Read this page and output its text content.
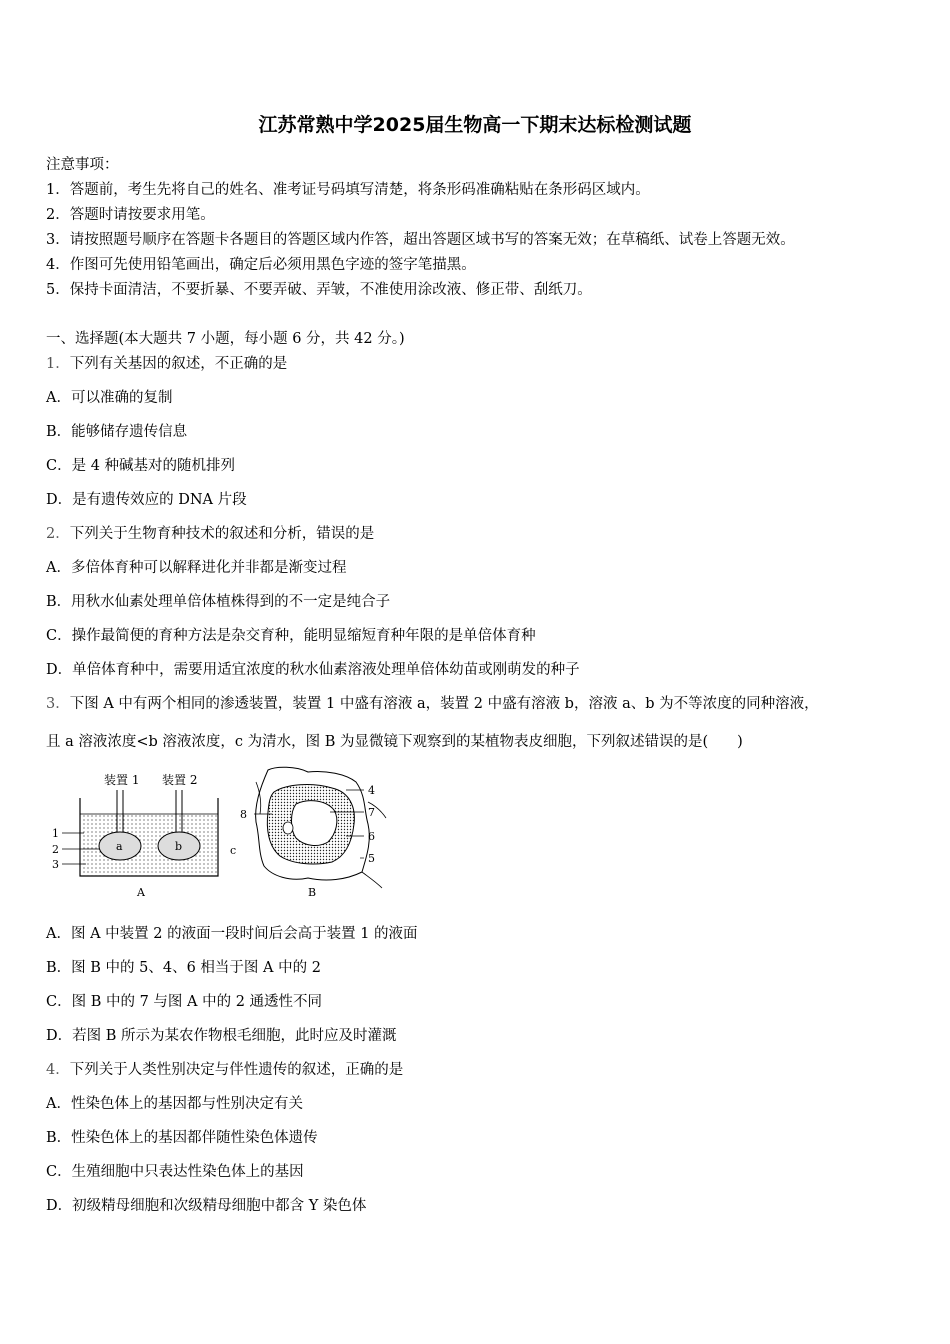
江苏常熟中学2025届生物高一下期末达标检测试题
注意事项：
1．答题前，考生先将自己的姓名、准考证号码填写清楚，将条形码准确粘贴在条形码区域内。
2．答题时请按要求用笔。
3．请按照题号顺序在答题卡各题目的答题区域内作答，超出答题区域书写的答案无效；在草稿纸、试卷上答题无效。
4．作图可先使用铅笔画出，确定后必须用黑色字迹的签字笔描黑。
5．保持卡面清洁，不要折暴、不要弄破、弄皱，不准使用涂改液、修正带、刮纸刀。
一、选择题(本大题共 7 小题，每小题 6 分，共 42 分。)
1．下列有关基因的叙述，不正确的是
A．可以准确的复制
B．能够储存遗传信息
C．是 4 种碱基对的随机排列
D．是有遗传效应的 DNA 片段
2．下列关于生物育种技术的叙述和分析，错误的是
A．多倍体育种可以解释进化并非都是渐变过程
B．用秋水仙素处理单倍体植株得到的不一定是纯合子
C．操作最简便的育种方法是杂交育种，能明显缩短育种年限的是单倍体育种
D．单倍体育种中，需要用适宜浓度的秋水仙素溶液处理单倍体幼苗或刚萌发的种子
3．下图 A 中有两个相同的渗透装置，装置 1 中盛有溶液 a，装置 2 中盛有溶液 b，溶液 a、b 为不等浓度的同种溶液，
且 a 溶液浓度<b 溶液浓度，c 为清水，图 B 为显微镜下观察到的某植物表皮细胞，下列叙述错误的是(　　)
装置 1 装置 2
a	b	c
1
2
3
A
8
4
7
6
5
B
A．图 A 中装置 2 的液面一段时间后会高于装置 1 的液面
B．图 B 中的 5、4、6 相当于图 A 中的 2
C．图 B 中的 7 与图 A 中的 2 通透性不同
D．若图 B 所示为某农作物根毛细胞，此时应及时灌溉
4．下列关于人类性别决定与伴性遗传的叙述，正确的是
A．性染色体上的基因都与性别决定有关
B．性染色体上的基因都伴随性染色体遗传
C．生殖细胞中只表达性染色体上的基因
D．初级精母细胞和次级精母细胞中都含 Y 染色体
